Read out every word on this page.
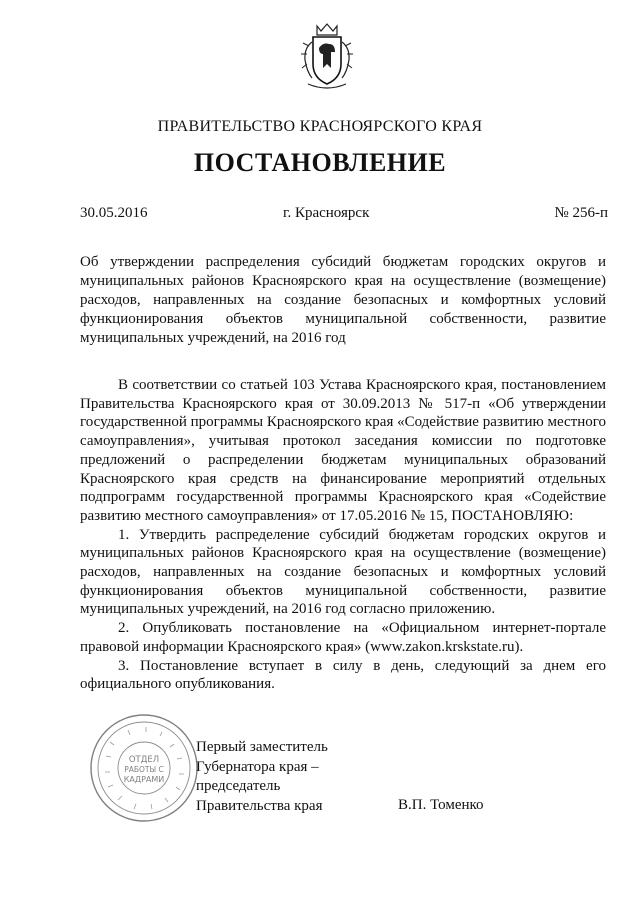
ПРАВИТЕЛЬСТВО КРАСНОЯРСКОГО КРАЯ
ПОСТАНОВЛЕНИЕ
30.05.2016	г. Красноярск	№ 256-п

Об утверждении распределения субсидий бюджетам городских округов и муниципальных районов Красноярского края на осуществление (возмещение) расходов, направленных на создание безопасных и комфортных условий функционирования объектов муниципальной собственности, развитие муниципальных учреждений, на 2016 год

В соответствии со статьей 103 Устава Красноярского края, постановлением Правительства Красноярского края от 30.09.2013 № 517-п «Об утверждении государственной программы Красноярского края «Содействие развитию местного самоуправления», учитывая протокол заседания комиссии по подготовке предложений о распределении бюджетам муниципальных образований Красноярского края средств на финансирование мероприятий отдельных подпрограмм государственной программы Красноярского края «Содействие развитию местного самоуправления» от 17.05.2016 № 15, ПОСТАНОВЛЯЮ:

1. Утвердить распределение субсидий бюджетам городских округов и муниципальных районов Красноярского края на осуществление (возмещение) расходов, направленных на создание безопасных и комфортных условий функционирования объектов муниципальной собственности, развитие муниципальных учреждений, на 2016 год согласно приложению.

2. Опубликовать постановление на «Официальном интернет-портале правовой информации Красноярского края» (www.zakon.krskstate.ru).

3. Постановление вступает в силу в день, следующий за днем его официального опубликования.

ОТДЕЛ
РАБОТЫ С
КАДРАМИ
Первый заместитель
Губернатора края –
председатель
Правительства края	В.П. Томенко
